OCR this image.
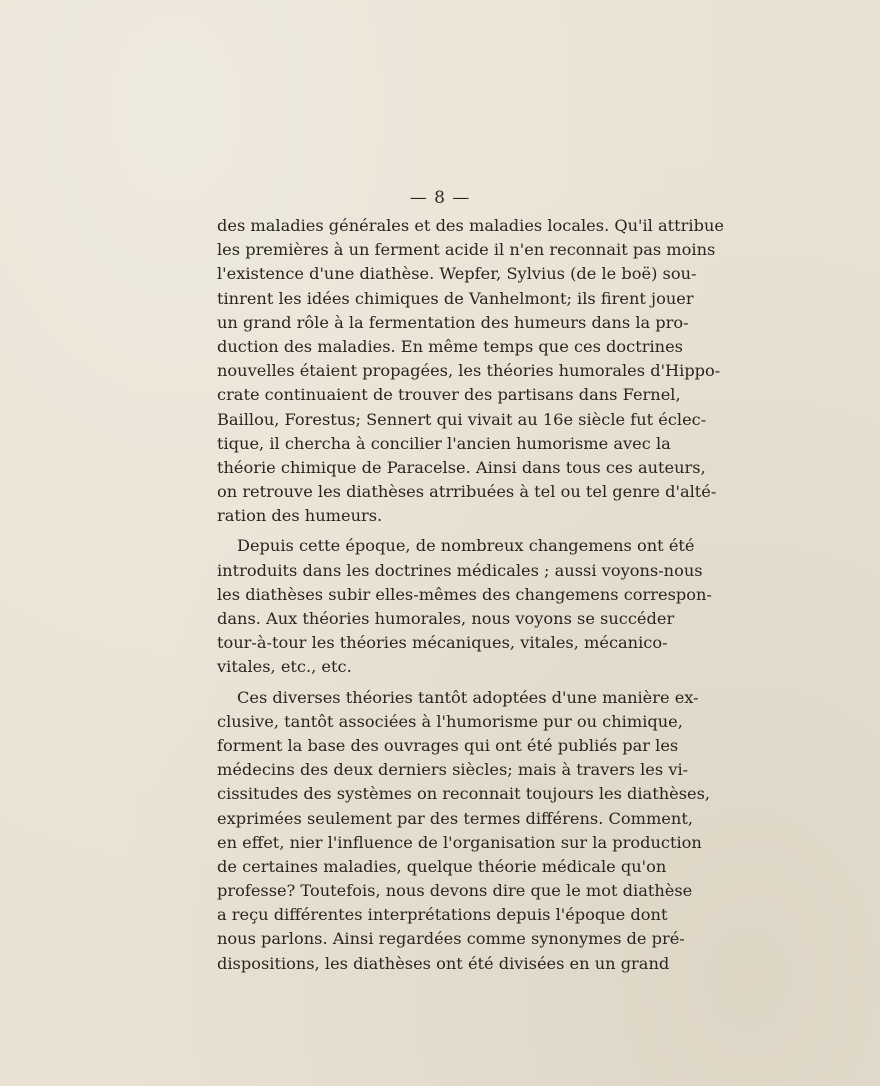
— 8 —

des maladies générales et des maladies locales. Qu'il attribue
les premières à un ferment acide il n'en reconnait pas moins
l'existence d'une diathèse. Wepfer, Sylvius (de le boë) sou-
tinrent les idées chimiques de Vanhelmont; ils firent jouer
un grand rôle à la fermentation des humeurs dans la pro-
duction des maladies. En même temps que ces doctrines
nouvelles étaient propagées, les théories humorales d'Hippo-
crate continuaient de trouver des partisans dans Fernel,
Baillou, Forestus; Sennert qui vivait au 16e siècle fut éclec-
tique, il chercha à concilier l'ancien humorisme avec la
théorie chimique de Paracelse. Ainsi dans tous ces auteurs,
on retrouve les diathèses atrribuées à tel ou tel genre d'alté-
ration des humeurs.

Depuis cette époque, de nombreux changemens ont été
introduits dans les doctrines médicales ; aussi voyons-nous
les diathèses subir elles-mêmes des changemens correspon-
dans. Aux théories humorales, nous voyons se succéder
tour-à-tour les théories mécaniques, vitales, mécanico-
vitales, etc., etc.

Ces diverses théories tantôt adoptées d'une manière ex-
clusive, tantôt associées à l'humorisme pur ou chimique,
forment la base des ouvrages qui ont été publiés par les
médecins des deux derniers siècles; mais à travers les vi-
cissitudes des systèmes on reconnait toujours les diathèses,
exprimées seulement par des termes différens. Comment,
en effet, nier l'influence de l'organisation sur la production
de certaines maladies, quelque théorie médicale qu'on
professe? Toutefois, nous devons dire que le mot diathèse
a reçu différentes interprétations depuis l'époque dont
nous parlons. Ainsi regardées comme synonymes de pré-
dispositions, les diathèses ont été divisées en un grand
